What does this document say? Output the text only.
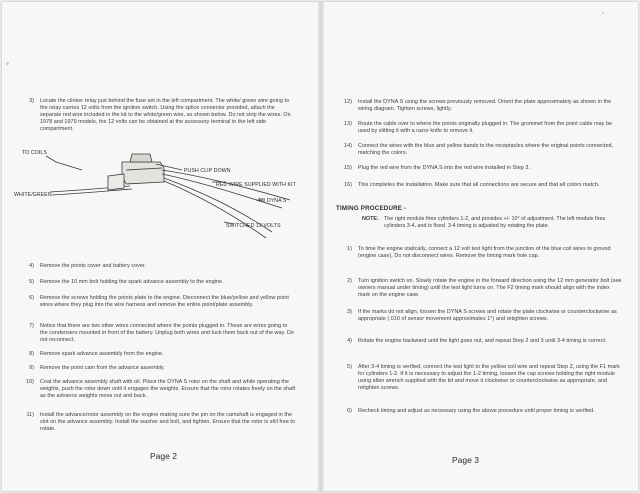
3) Locate the clinker relay just behind the fuse set in the left compartment. The white/ green wire going to the relay carries 12 volts from the ignition switch. Using the splice connector provided, attach the separate red wire included in the kit to the white/green wire, as shown below. Do not strip the wires. On 1978 and 1979 models, the 12 volts can be obtained at the accessory terminal in the left side compartment.
TO COILS
PUSH CLIP DOWN
RED WIRE SUPPLIED WITH KIT
WHITE/GREEN
TO DYNA S
SWITCHED 12 VOLTS
4) Remove the points cover and battery cover.
5) Remove the 10 mm bolt holding the spark advance assembly to the engine.
6) Remove the screws holding the points plate to the engine. Disconnect the blue/yellow and yellow point wires where they plug into the wire harness and remove the entire point/plate assembly.
7) Notice that there are two other wires connected where the points plugged in. These are wires going to the condensers mounted in front of the battery. Unplug both wires and tuck them back out of the way. Do not reconnect.
8) Remove spark advance assembly from the engine.
9) Remove the point cam from the advance assembly.
10) Coat the advance assembly shaft with oil. Place the DYNA S rotor on the shaft and while operating the weights, push the rotor down until it engages the weights. Ensure that the rotor rotates freely on the shaft as the advance weights move out and back.
11) Install the advance/rotor assembly on the engine making sure the pin on the camshaft is engaged in the slot on the advance assembly. Install the washer and bolt, and tighten. Ensure that the rotor is still free to rotate.
Page 2
12) Install the DYNA S using the screws previously removed. Orient the plate approximately as shown in the wiring diagram. Tighten screws, lightly.
13) Route the cable over to where the points originally plugged in. The grommet from the point cable may be used by slitting it with a razor knife to remove it.
14) Connect the wires with the blue and yellow bands to the receptacles where the original points connected, matching the colors.
15) Plug the red wire from the DYNA S into the red wire installed in Step 3.
16) This completes the installation. Make sure that all connections are secure and that all colors match.
TIMING PROCEDURE -
NOTE: The right module fires cylinders 1-2, and provides +/- 10° of adjustment. The left module fires cylinders 3-4, and is fixed. 3-4 timing is adjusted by rotating the plate.
1) To time the engine statically, connect a 12 volt test light from the junction of the blue coil wires to ground (engine case). Do not disconnect wires. Remove the timing mark hole cap.
2) Turn ignition switch on. Slowly rotate the engine in the forward direction using the 12 mm generator bolt (see owners manual under timing) until the test light turns on. The F2 timing mark should align with the index mark on the engine case.
3) If the marks do not align, loosen the DYNA S screws and rotate the plate clockwise or counterclockwise as appropriate (.010 of sensor movement approximates 1°) and retighten screws.
4) Rotate the engine backward until the light goes out, and repeat Step 2 and 3 until 3-4 timing is correct.
5) After 3-4 timing is verified, connect the test light to the yellow coil wire and repeat Step 2, using the F1 mark for cylinders 1-2. If it is necessary to adjust the 1-2 timing, loosen the cap screws holding the right module using allen wrench supplied with the kit and move it clockwise or counterclockwise as appropriate, and retighten screws.
6) Recheck timing and adjust as necessary using the above procedure until proper timing is verified.
Page 3
